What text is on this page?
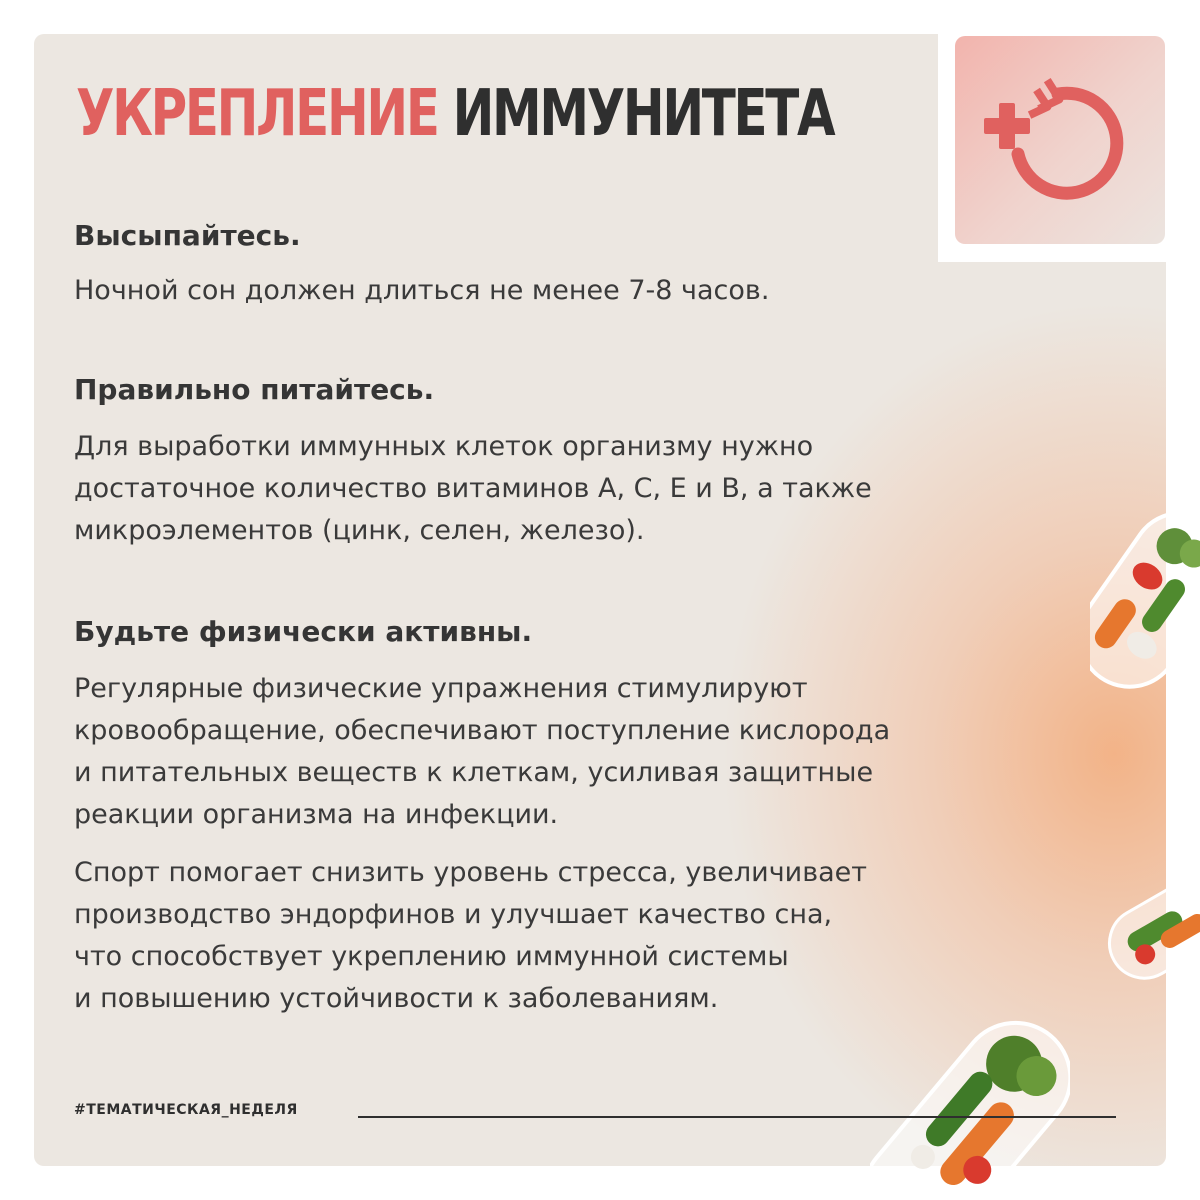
УКРЕПЛЕНИЕ ИММУНИТЕТА
Высыпайтесь.
Ночной сон должен длиться не менее 7-8 часов.
Правильно питайтесь.
Для выработки иммунных клеток организму нужно
достаточное количество витаминов А, С, Е и В, а также
микроэлементов (цинк, селен, железо).
Будьте физически активны.
Регулярные физические упражнения стимулируют
кровообращение, обеспечивают поступление кислорода
и питательных веществ к клеткам, усиливая защитные
реакции организма на инфекции.
Спорт помогает снизить уровень стресса, увеличивает
производство эндорфинов и улучшает качество сна,
что способствует укреплению иммунной системы
и повышению устойчивости к заболеваниям.
#ТЕМАТИЧЕСКАЯ_НЕДЕЛЯ
